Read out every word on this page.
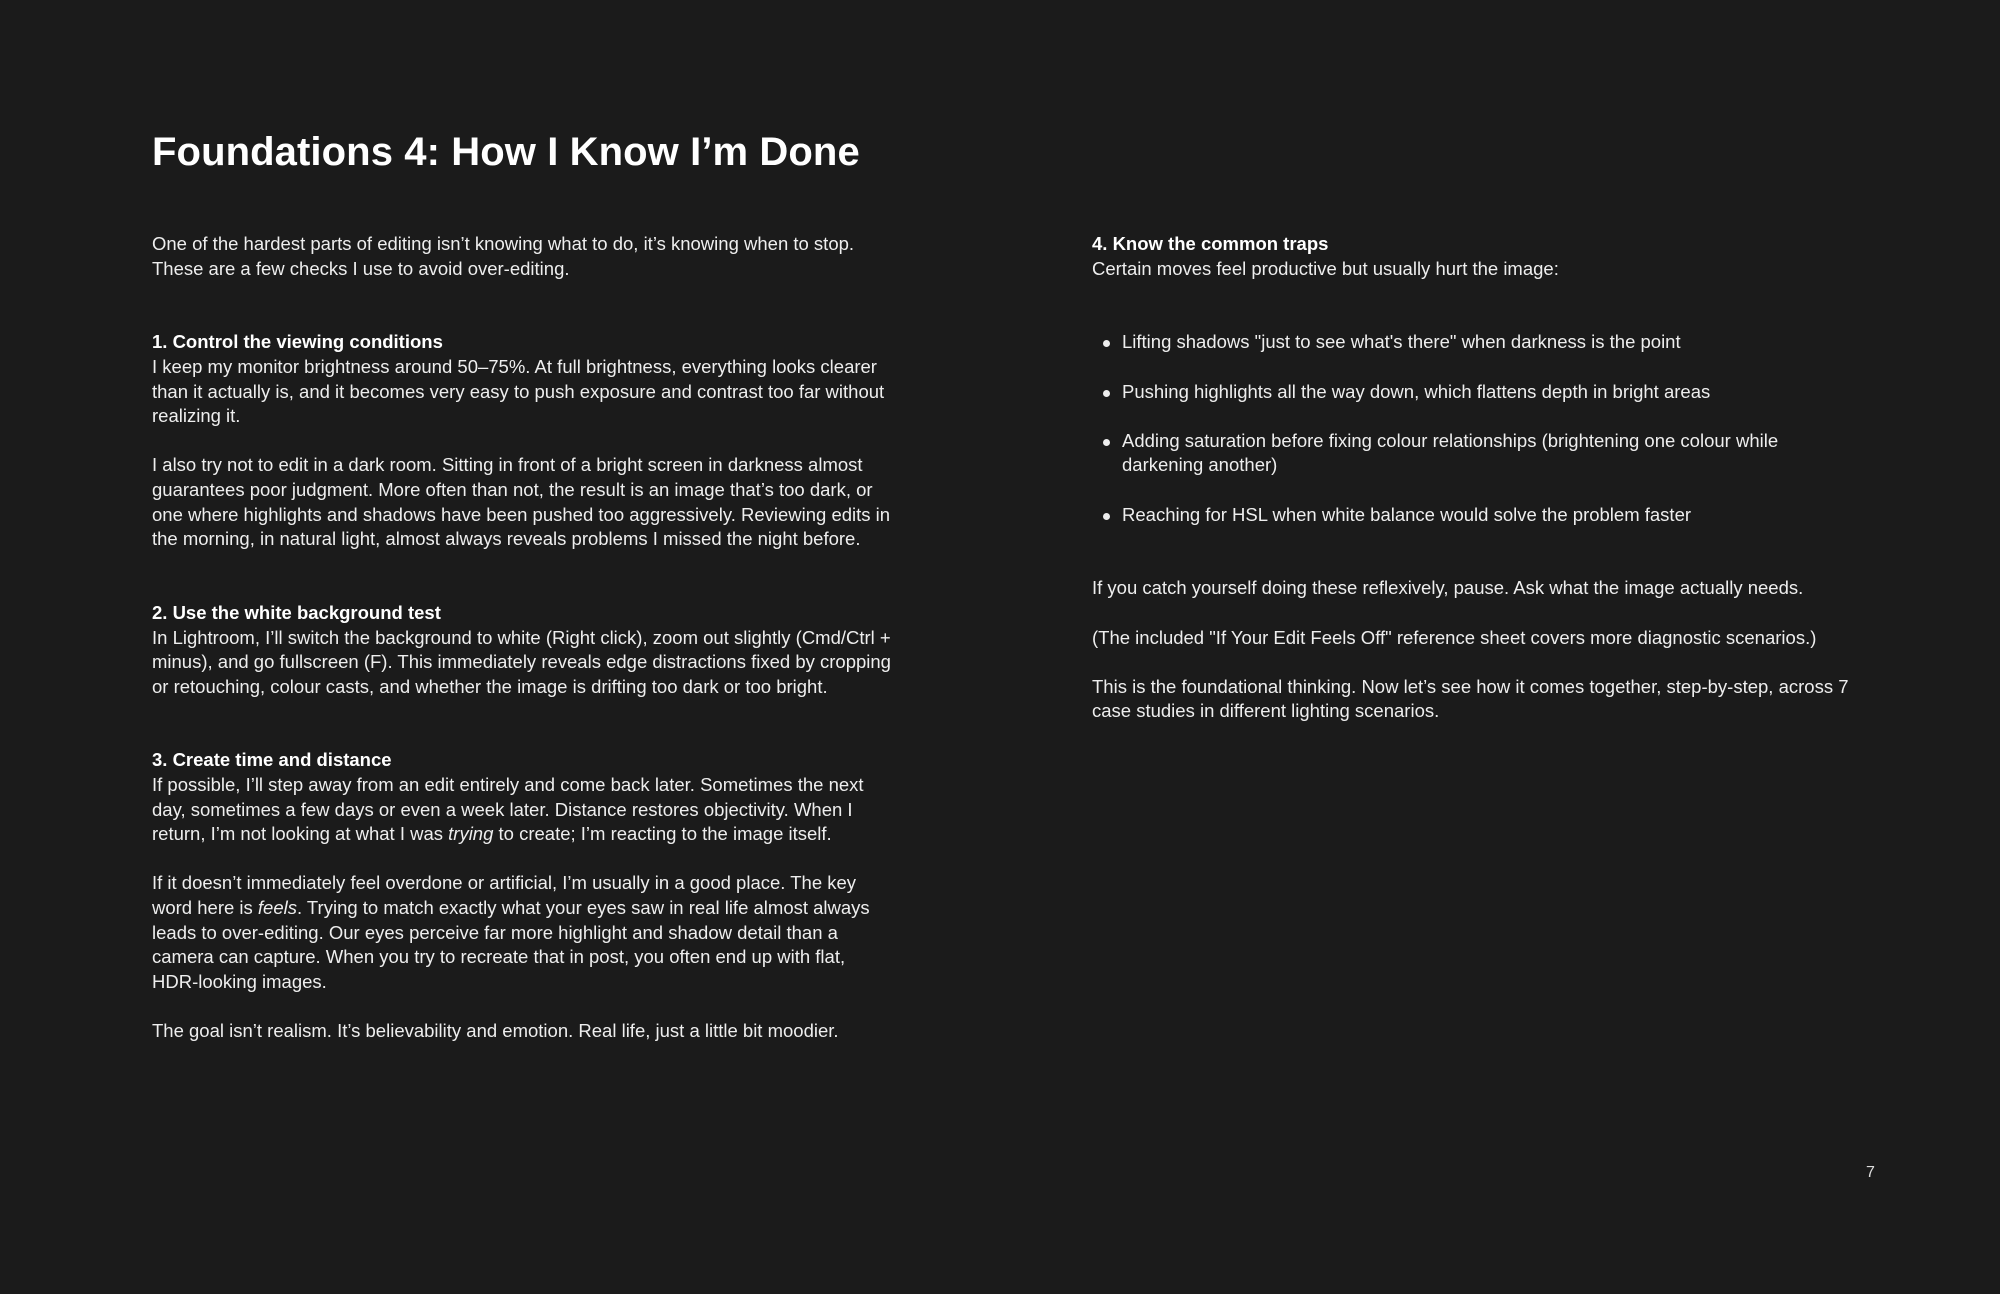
Foundations 4: How I Know I’m Done

One of the hardest parts of editing isn’t knowing what to do, it’s knowing when to stop. These are a few checks I use to avoid over-editing.

1. Control the viewing conditions

I keep my monitor brightness around 50–75%. At full brightness, everything looks clearer than it actually is, and it becomes very easy to push exposure and contrast too far without realizing it.

I also try not to edit in a dark room. Sitting in front of a bright screen in darkness almost guarantees poor judgment. More often than not, the result is an image that’s too dark, or one where highlights and shadows have been pushed too aggressively. Reviewing edits in the morning, in natural light, almost always reveals problems I missed the night before.

2. Use the white background test

In Lightroom, I’ll switch the background to white (Right click), zoom out slightly (Cmd/Ctrl + minus), and go fullscreen (F). This immediately reveals edge distractions fixed by cropping or retouching, colour casts, and whether the image is drifting too dark or too bright.

3. Create time and distance

If possible, I’ll step away from an edit entirely and come back later. Sometimes the next day, sometimes a few days or even a week later. Distance restores objectivity. When I return, I’m not looking at what I was trying to create; I’m reacting to the image itself.

If it doesn’t immediately feel overdone or artificial, I’m usually in a good place. The key word here is feels. Trying to match exactly what your eyes saw in real life almost always leads to over-editing. Our eyes perceive far more highlight and shadow detail than a camera can capture. When you try to recreate that in post, you often end up with flat, HDR-looking images.

The goal isn’t realism. It’s believability and emotion. Real life, just a little bit moodier.

4. Know the common traps

Certain moves feel productive but usually hurt the image:

Lifting shadows "just to see what's there" when darkness is the point
Pushing highlights all the way down, which flattens depth in bright areas
Adding saturation before fixing colour relationships (brightening one colour while darkening another)
Reaching for HSL when white balance would solve the problem faster

If you catch yourself doing these reflexively, pause. Ask what the image actually needs.

(The included "If Your Edit Feels Off" reference sheet covers more diagnostic scenarios.)

This is the foundational thinking. Now let’s see how it comes together, step-by-step, across 7 case studies in different lighting scenarios.

7
